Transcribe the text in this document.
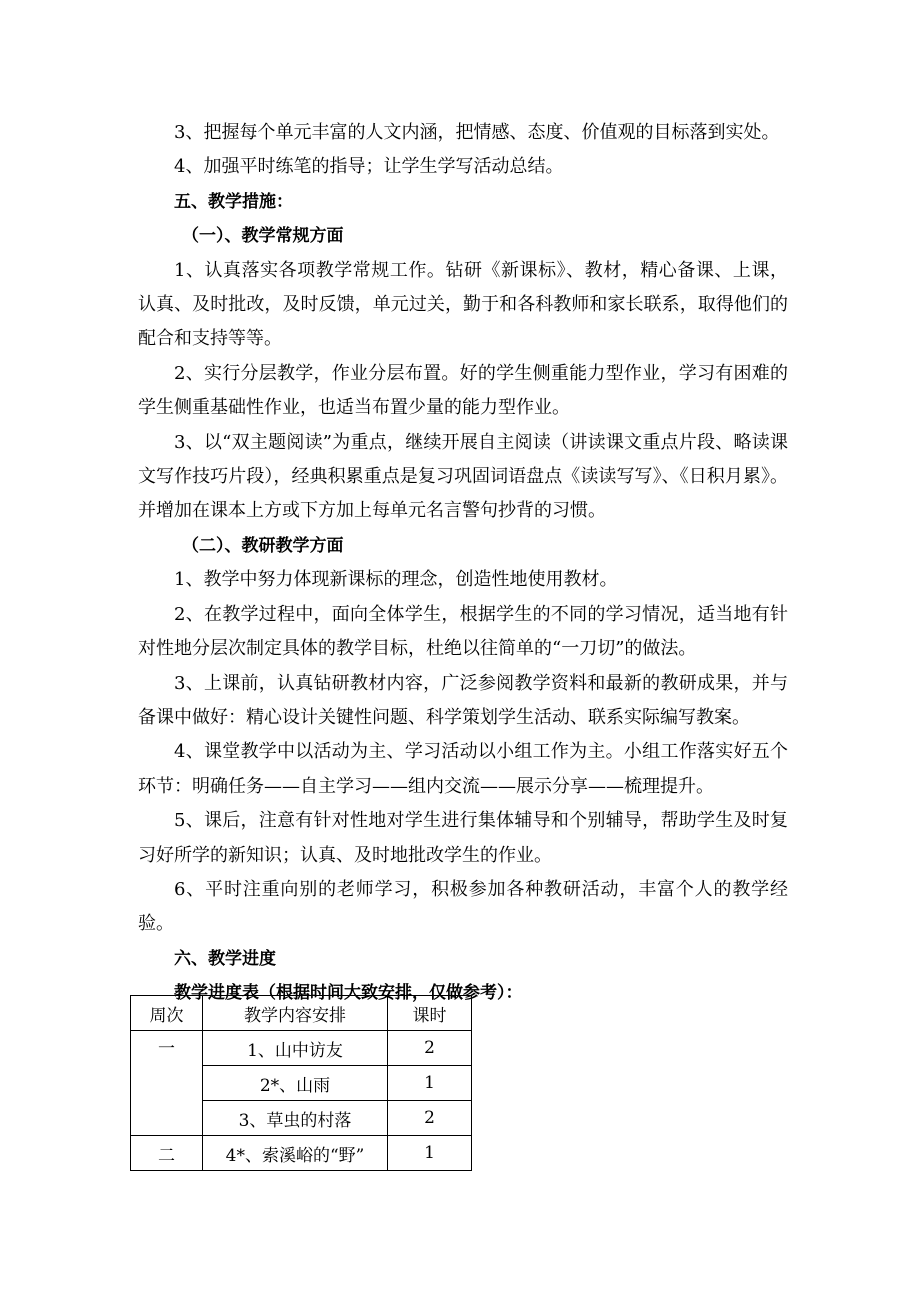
3、把握每个单元丰富的人文内涵，把情感、态度、价值观的目标落到实处。

4、加强平时练笔的指导；让学生学写活动总结。

五、教学措施：

（一）、教学常规方面

1、认真落实各项教学常规工作。钻研《新课标》、教材，精心备课、上课，认真、及时批改，及时反馈，单元过关，勤于和各科教师和家长联系，取得他们的配合和支持等等。

2、实行分层教学，作业分层布置。好的学生侧重能力型作业，学习有困难的学生侧重基础性作业，也适当布置少量的能力型作业。

3、以“双主题阅读”为重点，继续开展自主阅读（讲读课文重点片段、略读课文写作技巧片段），经典积累重点是复习巩固词语盘点《读读写写》、《日积月累》。并增加在课本上方或下方加上每单元名言警句抄背的习惯。

（二）、教研教学方面

1、教学中努力体现新课标的理念，创造性地使用教材。

2、在教学过程中，面向全体学生，根据学生的不同的学习情况，适当地有针对性地分层次制定具体的教学目标，杜绝以往简单的“一刀切”的做法。

3、上课前，认真钻研教材内容，广泛参阅教学资料和最新的教研成果，并与备课中做好：精心设计关键性问题、科学策划学生活动、联系实际编写教案。

4、课堂教学中以活动为主、学习活动以小组工作为主。小组工作落实好五个环节：明确任务——自主学习——组内交流——展示分享——梳理提升。

5、课后，注意有针对性地对学生进行集体辅导和个别辅导，帮助学生及时复习好所学的新知识；认真、及时地批改学生的作业。

6、平时注重向别的老师学习，积极参加各种教研活动，丰富个人的教学经验。

六、教学进度

教学进度表（根据时间大致安排，仅做参考）：

周次	教学内容安排	课时
一	1、山中访友	2
	2*、山雨	1
	3、草虫的村落	2
二	4*、索溪峪的“野”	1
